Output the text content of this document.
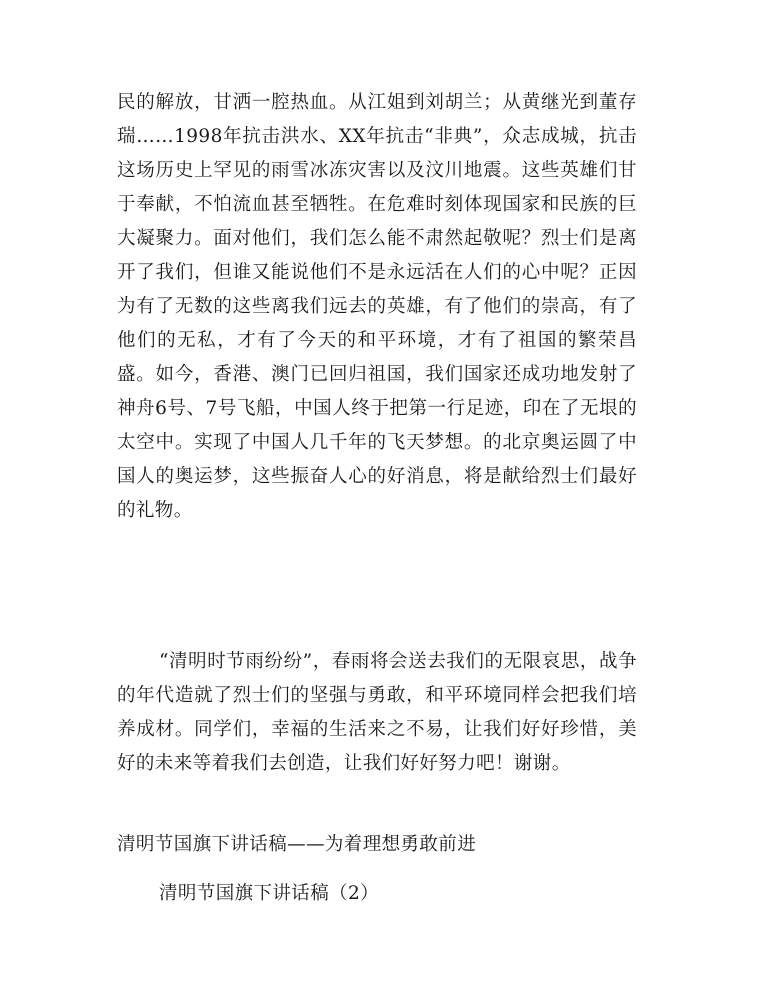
民的解放，甘洒一腔热血。从江姐到刘胡兰；从黄继光到董存瑞……1998年抗击洪水、XX年抗击“非典”，众志成城，抗击这场历史上罕见的雨雪冰冻灾害以及汶川地震。这些英雄们甘于奉献，不怕流血甚至牺牲。在危难时刻体现国家和民族的巨大凝聚力。面对他们，我们怎么能不肃然起敬呢？烈士们是离开了我们，但谁又能说他们不是永远活在人们的心中呢？正因为有了无数的这些离我们远去的英雄，有了他们的崇高，有了他们的无私，才有了今天的和平环境，才有了祖国的繁荣昌盛。如今，香港、澳门已回归祖国，我们国家还成功地发射了神舟6号、7号飞船，中国人终于把第一行足迹，印在了无垠的太空中。实现了中国人几千年的飞天梦想。的北京奥运圆了中国人的奥运梦，这些振奋人心的好消息，将是献给烈士们最好的礼物。

“清明时节雨纷纷”，春雨将会送去我们的无限哀思，战争的年代造就了烈士们的坚强与勇敢，和平环境同样会把我们培养成材。同学们，幸福的生活来之不易，让我们好好珍惜，美好的未来等着我们去创造，让我们好好努力吧！谢谢。

清明节国旗下讲话稿——为着理想勇敢前进

清明节国旗下讲话稿（2）
